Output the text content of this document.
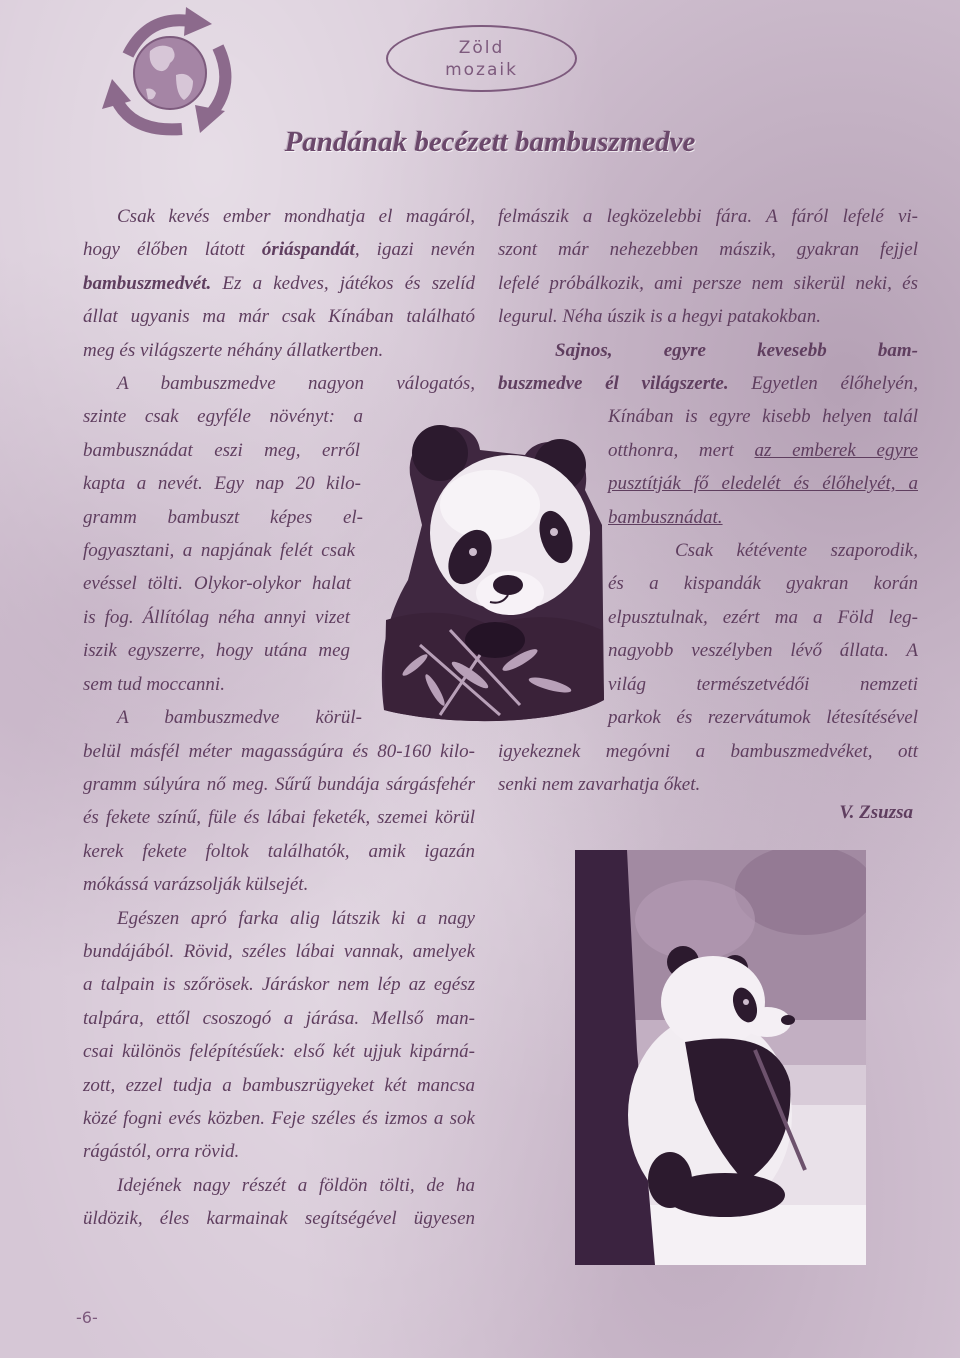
Zöld
mozaik
Pandának becézett bambuszmedve
Csak kevés ember mondhatja el magáról,
hogy élőben látott óriáspandát, igazi nevén
bambuszmedvét. Ez a kedves, játékos és szelíd
állat ugyanis ma már csak Kínában található
meg és világszerte néhány állatkertben.
A bambuszmedve nagyon válogatós,
szinte csak egyféle növényt: a
bambusznádat eszi meg, erről
kapta a nevét. Egy nap 20 kilo-
gramm bambuszt képes el-
fogyasztani, a napjának felét csak
evéssel tölti. Olykor-olykor halat
is fog. Állítólag néha annyi vizet
iszik egyszerre, hogy utána meg
sem tud moccanni.
A bambuszmedve körül-
belül másfél méter magasságúra és 80-160 kilo-
gramm súlyúra nő meg. Sűrű bundája sárgásfehér
és fekete színű, füle és lábai feketék, szemei körül
kerek fekete foltok találhatók, amik igazán
mókássá varázsolják külsejét.
Egészen apró farka alig látszik ki a nagy
bundájából. Rövid, széles lábai vannak, amelyek
a talpain is szőrösek. Járáskor nem lép az egész
talpára, ettől csoszogó a járása. Mellső man-
csai különös felépítésűek: első két ujjuk kipárná-
zott, ezzel tudja a bambuszrügyeket két mancsa
közé fogni evés közben. Feje széles és izmos a sok
rágástól, orra rövid.
Idejének nagy részét a földön tölti, de ha
üldözik, éles karmainak segítségével ügyesen
felmászik a legközelebbi fára. A fáról lefelé vi-
szont már nehezebben mászik, gyakran fejjel
lefelé próbálkozik, ami persze nem sikerül neki, és
legurul. Néha úszik is a hegyi patakokban.
Sajnos, egyre kevesebb bam-
buszmedve él világszerte. Egyetlen élőhelyén,
Kínában is egyre kisebb helyen talál
otthonra, mert az emberek egyre
pusztítják fő eledelét és élőhelyét, a
bambusznádat.
Csak kétévente szaporodik,
és a kispandák gyakran korán
elpusztulnak, ezért ma a Föld leg-
nagyobb veszélyben lévő állata. A
világ természetvédői nemzeti
parkok és rezervátumok létesítésével
igyekeznek megóvni a bambuszmedvéket, ott
senki nem zavarhatja őket.
V. Zsuzsa
-6-
